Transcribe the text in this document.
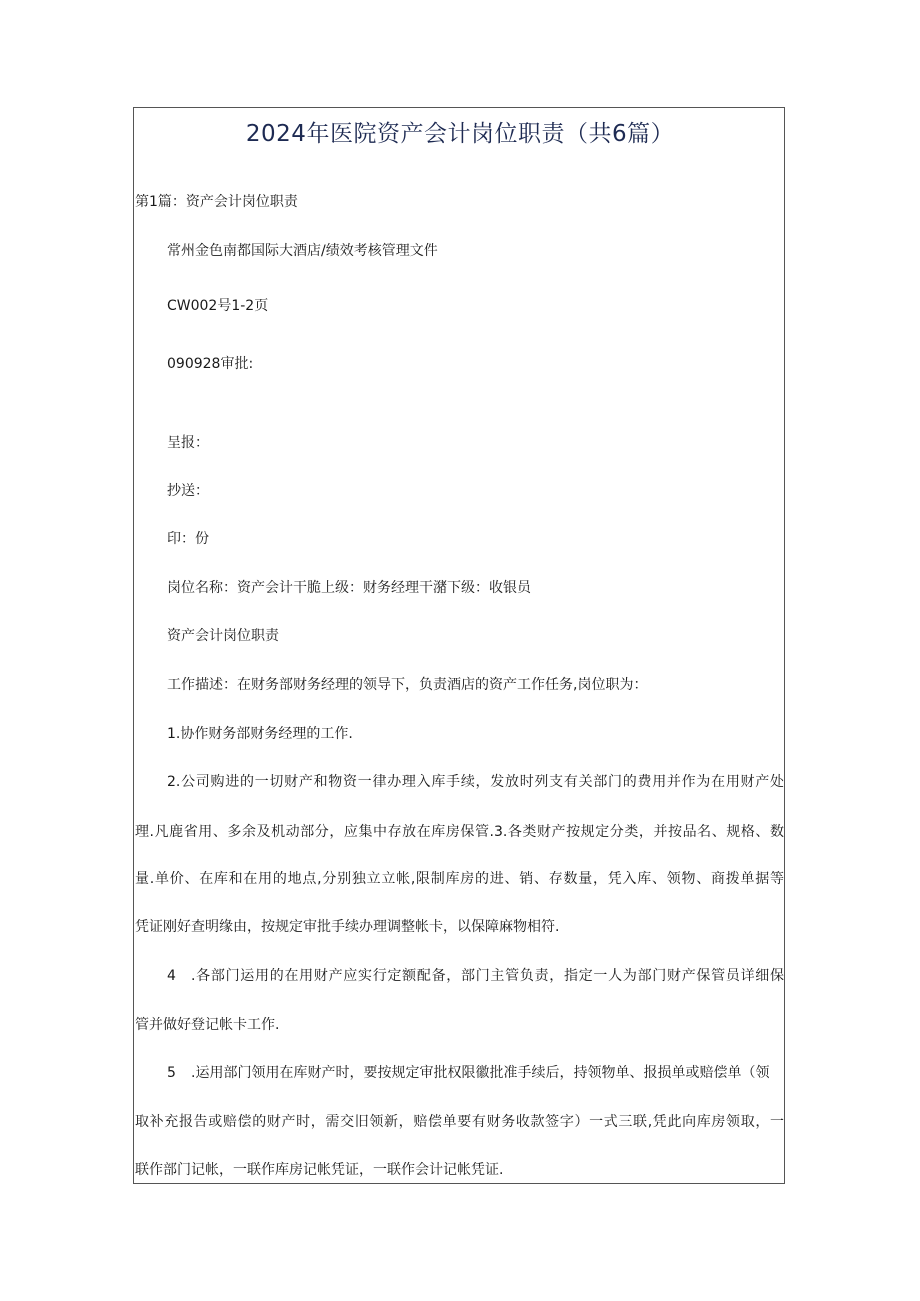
2024年医院资产会计岗位职责（共6篇）

第1篇：资产会计岗位职责

常州金色南都国际大酒店/绩效考核管理文件

CW002号1-2页

090928审批:

呈报：

抄送：

印：份

岗位名称：资产会计干脆上级：财务经理干潴下级：收银员

资产会计岗位职责

工作描述：在财务部财务经理的领导下，负责酒店的资产工作任务,岗位职为：

1.协作财务部财务经理的工作.

2.公司购进的一切财产和物资一律办理入库手续，发放时列支有关部门的费用并作为在用财产处

理.凡鹿省用、多余及机动部分，应集中存放在库房保管.3.各类财产按规定分类，并按品名、规格、数

量.单价、在库和在用的地点,分别独立立帐,限制库房的进、销、存数量，凭入库、领物、商拨单据等

凭证刚好查明缘由，按规定审批手续办理调整帐卡，以保障麻物相符.

4 .各部门运用的在用财产应实行定额配备，部门主管负责，指定一人为部门财产保管员详细保

管并做好登记帐卡工作.

5 .运用部门领用在库财产时，要按规定审批权限徽批准手续后，持领物单、报损单或赔偿单（领

取补充报告或赔偿的财产时，需交旧领新，赔偿单要有财务收款签字）一式三联,凭此向库房领取，一

联作部门记帐，一联作库房记帐凭证，一联作会计记帐凭证.
